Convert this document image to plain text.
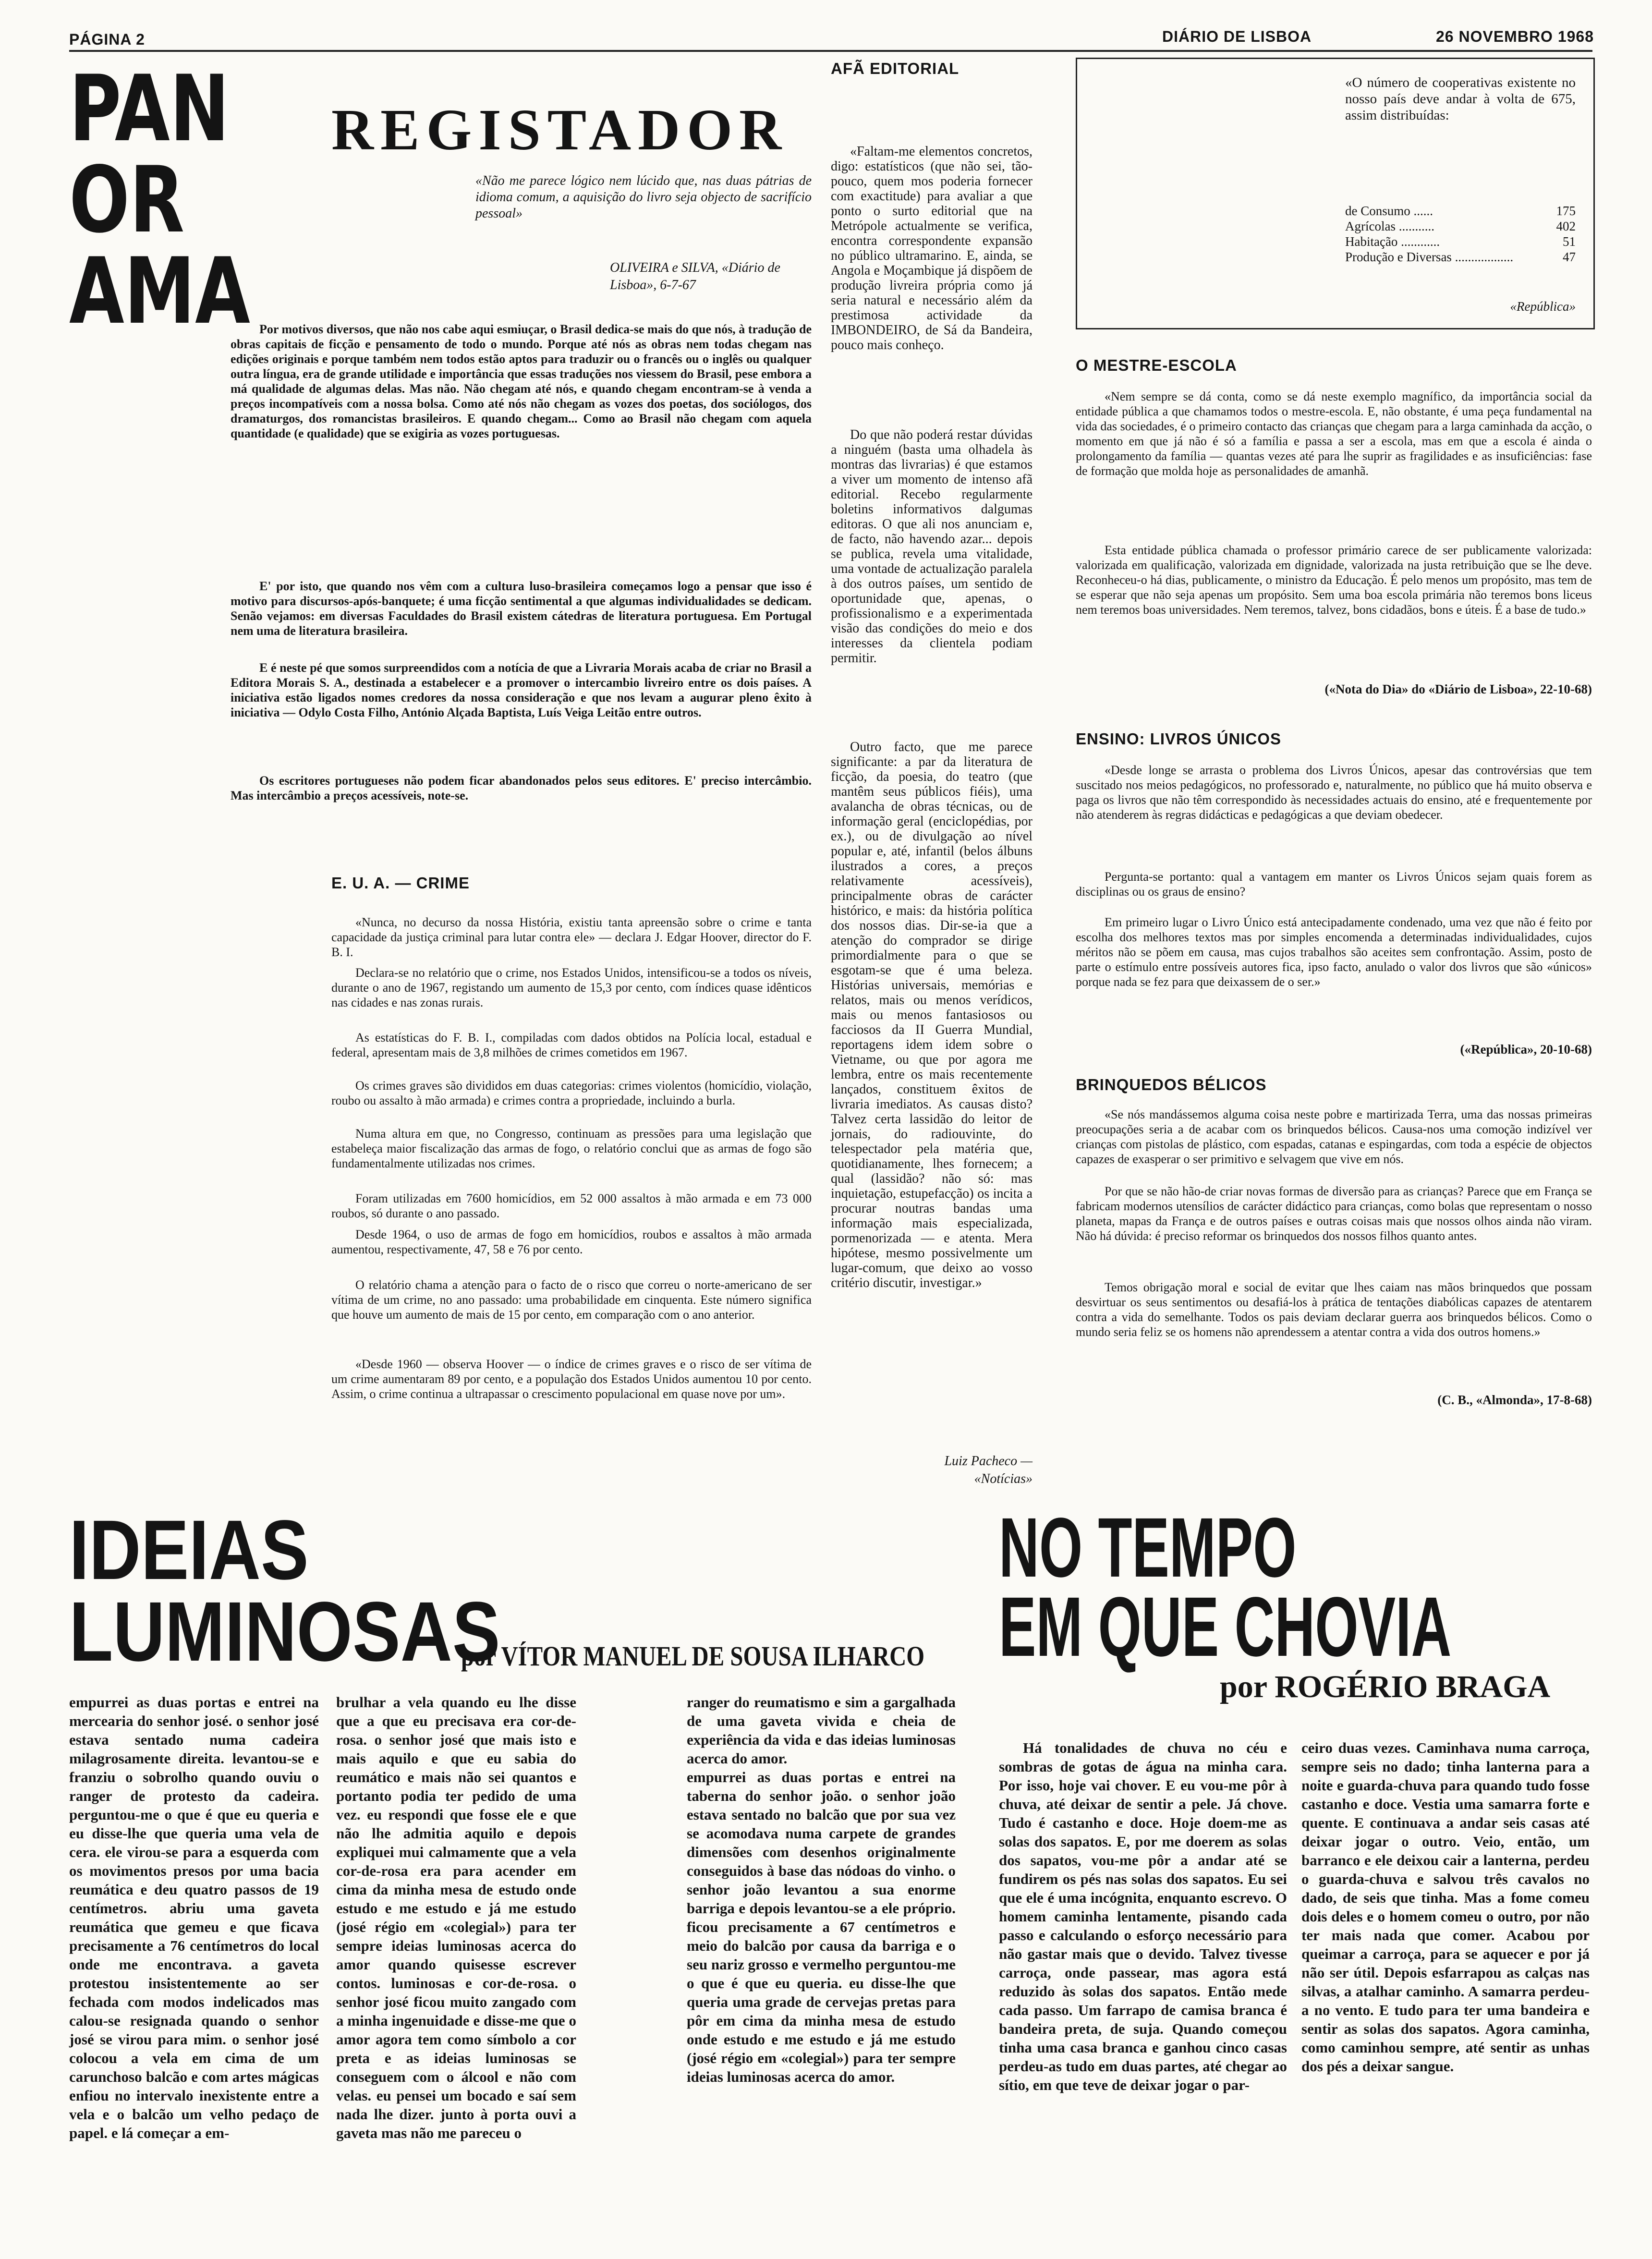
PÁGINA 2	DIÁRIO DE LISBOA	26 NOVEMBRO 1968
PAN
OR
AMA
REGISTADOR
«Não me parece lógico nem lúcido que, nas duas pátrias de idioma comum, a aquisição do livro seja objecto de sacrifício pessoal»
OLIVEIRA e SILVA, «Diário de Lisboa», 6-7-67
Por motivos diversos, que não nos cabe aqui esmiuçar, o Brasil dedica-se mais do que nós, à tradução de obras capitais de ficção e pensamento de todo o mundo. Porque até nós as obras nem todas chegam nas edições originais e porque também nem todos estão aptos para traduzir ou o francês ou o inglês ou qualquer outra língua, era de grande utilidade e importância que essas traduções nos viessem do Brasil, pese embora a má qualidade de algumas delas. Mas não. Não chegam até nós, e quando chegam encontram-se à venda a preços incompatíveis com a nossa bolsa. Como até nós não chegam as vozes dos poetas, dos sociólogos, dos dramaturgos, dos romancistas brasileiros. E quando chegam... Como ao Brasil não chegam com aquela quantidade (e qualidade) que se exigiria as vozes portuguesas.
E' por isto, que quando nos vêm com a cultura luso-brasileira começamos logo a pensar que isso é motivo para discursos-após-banquete; é uma ficção sentimental a que algumas individualidades se dedicam. Senão vejamos: em diversas Faculdades do Brasil existem cátedras de literatura portuguesa. Em Portugal nem uma de literatura brasileira.
E é neste pé que somos surpreendidos com a notícia de que a Livraria Morais acaba de criar no Brasil a Editora Morais S. A., destinada a estabelecer e a promover o intercambio livreiro entre os dois países. A iniciativa estão ligados nomes credores da nossa consideração e que nos levam a augurar pleno êxito à iniciativa — Odylo Costa Filho, António Alçada Baptista, Luís Veiga Leitão entre outros.
Os escritores portugueses não podem ficar abandonados pelos seus editores. E' preciso intercâmbio. Mas intercâmbio a preços acessíveis, note-se.
E. U. A. — CRIME
«Nunca, no decurso da nossa História, existiu tanta apreensão sobre o crime e tanta capacidade da justiça criminal para lutar contra ele» — declara J. Edgar Hoover, director do F. B. I.
Declara-se no relatório que o crime, nos Estados Unidos, intensificou-se a todos os níveis, durante o ano de 1967, registando um aumento de 15,3 por cento, com índices quase idênticos nas cidades e nas zonas rurais.
As estatísticas do F. B. I., compiladas com dados obtidos na Polícia local, estadual e federal, apresentam mais de 3,8 milhões de crimes cometidos em 1967.
Os crimes graves são divididos em duas categorias: crimes violentos (homicídio, violação, roubo ou assalto à mão armada) e crimes contra a propriedade, incluindo a burla.
Numa altura em que, no Congresso, continuam as pressões para uma legislação que estabeleça maior fiscalização das armas de fogo, o relatório conclui que as armas de fogo são fundamentalmente utilizadas nos crimes.
Foram utilizadas em 7600 homicídios, em 52 000 assaltos à mão armada e em 73 000 roubos, só durante o ano passado.
Desde 1964, o uso de armas de fogo em homicídios, roubos e assaltos à mão armada aumentou, respectivamente, 47, 58 e 76 por cento.
O relatório chama a atenção para o facto de o risco que correu o norte-americano de ser vítima de um crime, no ano passado: uma probabilidade em cinquenta. Este número significa que houve um aumento de mais de 15 por cento, em comparação com o ano anterior.
«Desde 1960 — observa Hoover — o índice de crimes graves e o risco de ser vítima de um crime aumentaram 89 por cento, e a população dos Estados Unidos aumentou 10 por cento. Assim, o crime continua a ultrapassar o crescimento populacional em quase nove por um».
AFÃ EDITORIAL
«Faltam-me elementos concretos, digo: estatísticos (que não sei, tão-pouco, quem mos poderia fornecer com exactitude) para avaliar a que ponto o surto editorial que na Metrópole actualmente se verifica, encontra correspondente expansão no público ultramarino. E, ainda, se Angola e Moçambique já dispõem de produção livreira própria como já seria natural e necessário além da prestimosa actividade da IMBONDEIRO, de Sá da Bandeira, pouco mais conheço.
Do que não poderá restar dúvidas a ninguém (basta uma olhadela às montras das livrarias) é que estamos a viver um momento de intenso afã editorial. Recebo regularmente boletins informativos dalgumas editoras. O que ali nos anunciam e, de facto, não havendo azar... depois se publica, revela uma vitalidade, uma vontade de actualização paralela à dos outros países, um sentido de oportunidade que, apenas, o profissionalismo e a experimentada visão das condições do meio e dos interesses da clientela podiam permitir.
Outro facto, que me parece significante: a par da literatura de ficção, da poesia, do teatro (que mantêm seus públicos fiéis), uma avalancha de obras técnicas, ou de informação geral (enciclopédias, por ex.), ou de divulgação ao nível popular e, até, infantil (belos álbuns ilustrados a cores, a preços relativamente acessíveis), principalmente obras de carácter histórico, e mais: da história política dos nossos dias. Dir-se-ia que a atenção do comprador se dirige primordialmente para o que se esgotam-se que é uma beleza. Histórias universais, memórias e relatos, mais ou menos verídicos, mais ou menos fantasiosos ou facciosos da II Guerra Mundial, reportagens idem idem sobre o Vietname, ou que por agora me lembra, entre os mais recentemente lançados, constituem êxitos de livraria imediatos. As causas disto? Talvez certa lassidão do leitor de jornais, do radiouvinte, do telespectador pela matéria que, quotidianamente, lhes fornecem; a qual (lassidão? não só: mas inquietação, estupefacção) os incita a procurar noutras bandas uma informação mais especializada, pormenorizada — e atenta. Mera hipótese, mesmo possivelmente um lugar-comum, que deixo ao vosso critério discutir, investigar.»
Luiz Pacheco —
«Notícias»
«O número de cooperativas existente no nosso país deve andar à volta de 675, assim distribuídas:
de Consumo ......	175
Agrícolas ...........	402
Habitação ............	51
Produção e Diversas ..................	47
«República»
O MESTRE-ESCOLA
«Nem sempre se dá conta, como se dá neste exemplo magnífico, da importância social da entidade pública a que chamamos todos o mestre-escola. E, não obstante, é uma peça fundamental na vida das sociedades, é o primeiro contacto das crianças que chegam para a larga caminhada da acção, o momento em que já não é só a família e passa a ser a escola, mas em que a escola é ainda o prolongamento da família — quantas vezes até para lhe suprir as fragilidades e as insuficiências: fase de formação que molda hoje as personalidades de amanhã.
Esta entidade pública chamada o professor primário carece de ser publicamente valorizada: valorizada em qualificação, valorizada em dignidade, valorizada na justa retribuição que se lhe deve. Reconheceu-o há dias, publicamente, o ministro da Educação. É pelo menos um propósito, mas tem de se esperar que não seja apenas um propósito. Sem uma boa escola primária não teremos bons liceus nem teremos boas universidades. Nem teremos, talvez, bons cidadãos, bons e úteis. É a base de tudo.»
(«Nota do Dia» do «Diário de Lisboa», 22-10-68)
ENSINO: LIVROS ÚNICOS
«Desde longe se arrasta o problema dos Livros Únicos, apesar das controvérsias que tem suscitado nos meios pedagógicos, no professorado e, naturalmente, no público que há muito observa e paga os livros que não têm correspondido às necessidades actuais do ensino, até e frequentemente por não atenderem às regras didácticas e pedagógicas a que deviam obedecer.
Pergunta-se portanto: qual a vantagem em manter os Livros Únicos sejam quais forem as disciplinas ou os graus de ensino?
Em primeiro lugar o Livro Único está antecipadamente condenado, uma vez que não é feito por escolha dos melhores textos mas por simples encomenda a determinadas individualidades, cujos méritos não se põem em causa, mas cujos trabalhos são aceites sem confrontação. Assim, posto de parte o estímulo entre possíveis autores fica, ipso facto, anulado o valor dos livros que são «únicos» porque nada se fez para que deixassem de o ser.»
(«República», 20-10-68)
BRINQUEDOS BÉLICOS
«Se nós mandássemos alguma coisa neste pobre e martirizada Terra, uma das nossas primeiras preocupações seria a de acabar com os brinquedos bélicos. Causa-nos uma comoção indizível ver crianças com pistolas de plástico, com espadas, catanas e espingardas, com toda a espécie de objectos capazes de exasperar o ser primitivo e selvagem que vive em nós.
Por que se não hão-de criar novas formas de diversão para as crianças? Parece que em França se fabricam modernos utensílios de carácter didáctico para crianças, como bolas que representam o nosso planeta, mapas da França e de outros países e outras coisas mais que nossos olhos ainda não viram. Não há dúvida: é preciso reformar os brinquedos dos nossos filhos quanto antes.
Temos obrigação moral e social de evitar que lhes caiam nas mãos brinquedos que possam desvirtuar os seus sentimentos ou desafiá-los à prática de tentações diabólicas capazes de atentarem contra a vida do semelhante. Todos os pais deviam declarar guerra aos brinquedos bélicos. Como o mundo seria feliz se os homens não aprendessem a atentar contra a vida dos outros homens.»
(C. B., «Almonda», 17-8-68)
IDEIAS
LUMINOSAS
por VÍTOR MANUEL DE SOUSA ILHARCO
empurrei as duas portas e entrei na mercearia do senhor josé. o senhor josé estava sentado numa cadeira milagrosamente direita. levantou-se e franziu o sobrolho quando ouviu o ranger de protesto da cadeira. perguntou-me o que é que eu queria e eu disse-lhe que queria uma vela de cera. ele virou-se para a esquerda com os movimentos presos por uma bacia reumática e deu quatro passos de 19 centímetros. abriu uma gaveta reumática que gemeu e que ficava precisamente a 76 centímetros do local onde me encontrava. a gaveta protestou insistentemente ao ser fechada com modos indelicados mas calou-se resignada quando o senhor josé se virou para mim. o senhor josé colocou a vela em cima de um carunchoso balcão e com artes mágicas enfiou no intervalo inexistente entre a vela e o balcão um velho pedaço de papel. e lá começar a em-
brulhar a vela quando eu lhe disse que a que eu precisava era cor-de-rosa. o senhor josé que mais isto e mais aquilo e que eu sabia do reumático e mais não sei quantos e portanto podia ter pedido de uma vez. eu respondi que fosse ele e que não lhe admitia aquilo e depois expliquei mui calmamente que a vela cor-de-rosa era para acender em cima da minha mesa de estudo onde estudo e me estudo e já me estudo (josé régio em «colegial») para ter sempre ideias luminosas acerca do amor quando quisesse escrever contos. luminosas e cor-de-rosa. o senhor josé ficou muito zangado com a minha ingenuidade e disse-me que o amor agora tem como símbolo a cor preta e as ideias luminosas se conseguem com o álcool e não com velas. eu pensei um bocado e saí sem nada lhe dizer. junto à porta ouvi a gaveta mas não me pareceu o
ranger do reumatismo e sim a gargalhada de uma gaveta vivida e cheia de experiência da vida e das ideias luminosas acerca do amor.
empurrei as duas portas e entrei na taberna do senhor joão. o senhor joão estava sentado no balcão que por sua vez se acomodava numa carpete de grandes dimensões com desenhos originalmente conseguidos à base das nódoas do vinho. o senhor joão levantou a sua enorme barriga e depois levantou-se a ele próprio. ficou precisamente a 67 centímetros e meio do balcão por causa da barriga e o seu nariz grosso e vermelho perguntou-me o que é que eu queria. eu disse-lhe que queria uma grade de cervejas pretas para pôr em cima da minha mesa de estudo onde estudo e me estudo e já me estudo (josé régio em «colegial») para ter sempre ideias luminosas acerca do amor.
NO TEMPO
EM QUE CHOVIA
por ROGÉRIO BRAGA
Há tonalidades de chuva no céu e sombras de gotas de água na minha cara. Por isso, hoje vai chover. E eu vou-me pôr à chuva, até deixar de sentir a pele. Já chove. Tudo é castanho e doce. Hoje doem-me as solas dos sapatos. E, por me doerem as solas dos sapatos, vou-me pôr a andar até se fundirem os pés nas solas dos sapatos. Eu sei que ele é uma incógnita, enquanto escrevo. O homem caminha lentamente, pisando cada passo e calculando o esforço necessário para não gastar mais que o devido. Talvez tivesse carroça, onde passear, mas agora está reduzido às solas dos sapatos. Então mede cada passo. Um farrapo de camisa branca é bandeira preta, de suja. Quando começou tinha uma casa branca e ganhou cinco casas perdeu-as tudo em duas partes, até chegar ao sítio, em que teve de deixar jogar o par-
ceiro duas vezes. Caminhava numa carroça, sempre seis no dado; tinha lanterna para a noite e guarda-chuva para quando tudo fosse castanho e doce. Vestia uma samarra forte e quente. E continuava a andar seis casas até deixar jogar o outro. Veio, então, um barranco e ele deixou cair a lanterna, perdeu o guarda-chuva e salvou três cavalos no dado, de seis que tinha. Mas a fome comeu dois deles e o homem comeu o outro, por não ter mais nada que comer. Acabou por queimar a carroça, para se aquecer e por já não ser útil. Depois esfarrapou as calças nas silvas, a atalhar caminho. A samarra perdeu-a no vento. E tudo para ter uma bandeira e sentir as solas dos sapatos. Agora caminha, como caminhou sempre, até sentir as unhas dos pés a deixar sangue.
